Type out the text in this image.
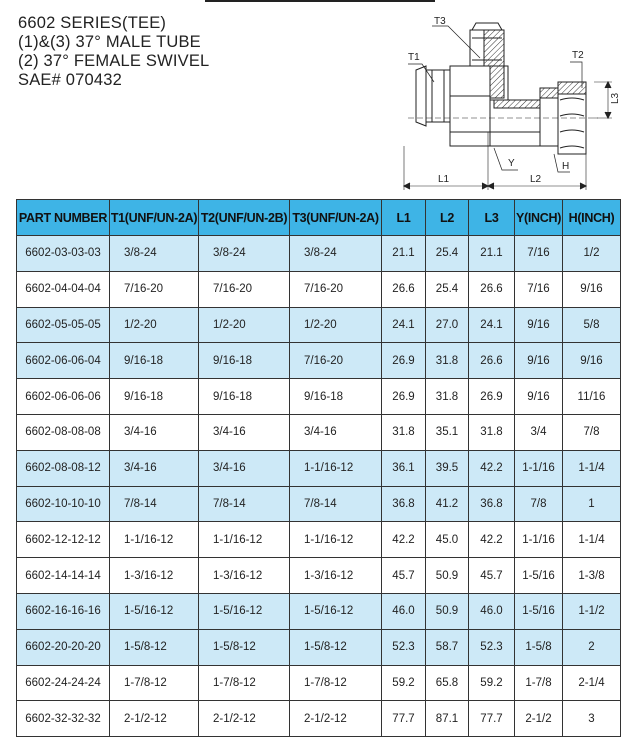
6602 SERIES(TEE)
(1)&(3) 37° MALE TUBE
(2) 37° FEMALE SWIVEL
SAE# 070432
T3
T1	T2
L3
Y	H
L1	L2
PART NUMBER	T1(UNF/UN-2A)	T2(UNF/UN-2B)	T3(UNF/UN-2A)	L1	L2	L3	Y(INCH)	H(INCH)
6602-03-03-03	3/8-24	3/8-24	3/8-24	21.1	25.4	21.1	7/16	1/2
6602-04-04-04	7/16-20	7/16-20	7/16-20	26.6	25.4	26.6	7/16	9/16
6602-05-05-05	1/2-20	1/2-20	1/2-20	24.1	27.0	24.1	9/16	5/8
6602-06-06-04	9/16-18	9/16-18	7/16-20	26.9	31.8	26.6	9/16	9/16
6602-06-06-06	9/16-18	9/16-18	9/16-18	26.9	31.8	26.9	9/16	11/16
6602-08-08-08	3/4-16	3/4-16	3/4-16	31.8	35.1	31.8	3/4	7/8
6602-08-08-12	3/4-16	3/4-16	1-1/16-12	36.1	39.5	42.2	1-1/16	1-1/4
6602-10-10-10	7/8-14	7/8-14	7/8-14	36.8	41.2	36.8	7/8	1
6602-12-12-12	1-1/16-12	1-1/16-12	1-1/16-12	42.2	45.0	42.2	1-1/16	1-1/4
6602-14-14-14	1-3/16-12	1-3/16-12	1-3/16-12	45.7	50.9	45.7	1-5/16	1-3/8
6602-16-16-16	1-5/16-12	1-5/16-12	1-5/16-12	46.0	50.9	46.0	1-5/16	1-1/2
6602-20-20-20	1-5/8-12	1-5/8-12	1-5/8-12	52.3	58.7	52.3	1-5/8	2
6602-24-24-24	1-7/8-12	1-7/8-12	1-7/8-12	59.2	65.8	59.2	1-7/8	2-1/4
6602-32-32-32	2-1/2-12	2-1/2-12	2-1/2-12	77.7	87.1	77.7	2-1/2	3
